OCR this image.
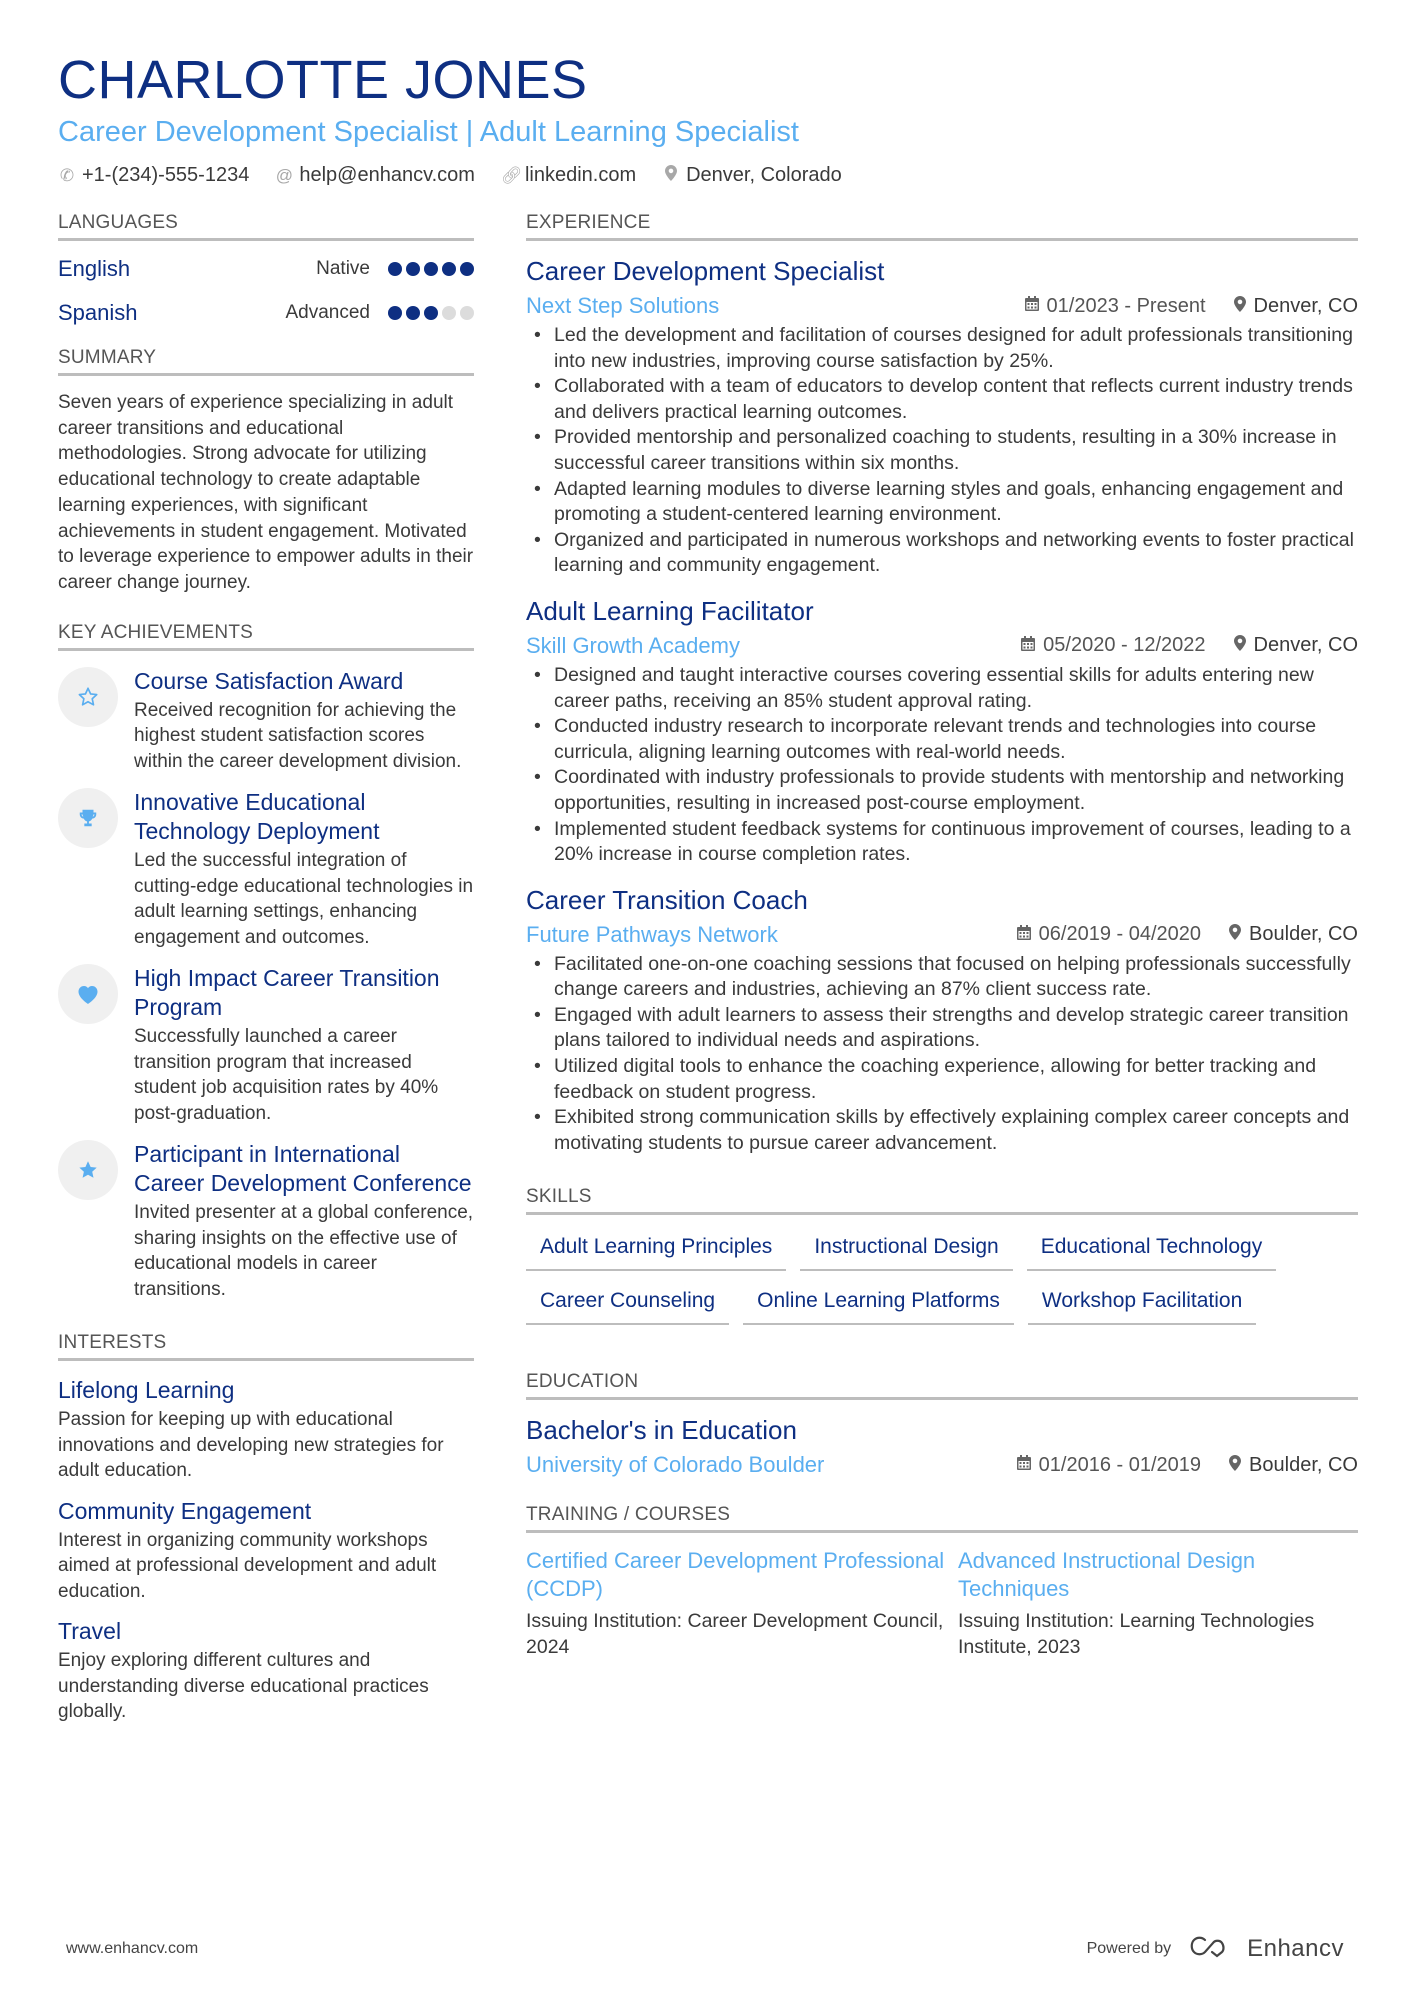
CHARLOTTE JONES
Career Development Specialist | Adult Learning Specialist
✆ +1-(234)-555-1234 @ help@enhancv.com 🔗︎ linkedin.com	Denver, Colorado
LANGUAGES
English	Native
Spanish	Advanced
SUMMARY

Seven years of experience specializing in adult career transitions and educational methodologies. Strong advocate for utilizing educational technology to create adaptable learning experiences, with significant achievements in student engagement. Motivated to leverage experience to empower adults in their career change journey.

KEY ACHIEVEMENTS
Course Satisfaction Award
Received recognition for achieving the highest student satisfaction scores within the career development division.
Innovative Educational Technology Deployment
Led the successful integration of cutting-edge educational technologies in adult learning settings, enhancing engagement and outcomes.
High Impact Career Transition Program
Successfully launched a career transition program that increased student job acquisition rates by 40% post-graduation.
Participant in International Career Development Conference
Invited presenter at a global conference, sharing insights on the effective use of educational models in career transitions.
INTERESTS
Lifelong Learning
Passion for keeping up with educational innovations and developing new strategies for adult education.
Community Engagement
Interest in organizing community workshops aimed at professional development and adult education.
Travel
Enjoy exploring different cultures and understanding diverse educational practices globally.
EXPERIENCE
Career Development Specialist
Next Step Solutions	01/2023 - Present Denver, CO
• Led the development and facilitation of courses designed for adult professionals transitioning into new industries, improving course satisfaction by 25%.
• Collaborated with a team of educators to develop content that reflects current industry trends and delivers practical learning outcomes.
• Provided mentorship and personalized coaching to students, resulting in a 30% increase in successful career transitions within six months.
• Adapted learning modules to diverse learning styles and goals, enhancing engagement and promoting a student-centered learning environment.
• Organized and participated in numerous workshops and networking events to foster practical learning and community engagement.
Adult Learning Facilitator
Skill Growth Academy	05/2020 - 12/2022 Denver, CO
• Designed and taught interactive courses covering essential skills for adults entering new career paths, receiving an 85% student approval rating.
• Conducted industry research to incorporate relevant trends and technologies into course curricula, aligning learning outcomes with real-world needs.
• Coordinated with industry professionals to provide students with mentorship and networking opportunities, resulting in increased post-course employment.
• Implemented student feedback systems for continuous improvement of courses, leading to a 20% increase in course completion rates.
Career Transition Coach
Future Pathways Network	06/2019 - 04/2020 Boulder, CO
• Facilitated one-on-one coaching sessions that focused on helping professionals successfully change careers and industries, achieving an 87% client success rate.
• Engaged with adult learners to assess their strengths and develop strategic career transition plans tailored to individual needs and aspirations.
• Utilized digital tools to enhance the coaching experience, allowing for better tracking and feedback on student progress.
• Exhibited strong communication skills by effectively explaining complex career concepts and motivating students to pursue career advancement.
SKILLS
Adult Learning Principles	Instructional Design	Educational Technology
Career Counseling	Online Learning Platforms	Workshop Facilitation
EDUCATION
Bachelor's in Education
University of Colorado Boulder	01/2016 - 01/2019 Boulder, CO
TRAINING / COURSES
Certified Career Development Professional (CCDP)
Issuing Institution: Career Development Council, 2024
Advanced Instructional Design Techniques
Issuing Institution: Learning Technologies Institute, 2023
www.enhancv.com	Powered by	Enhancv
